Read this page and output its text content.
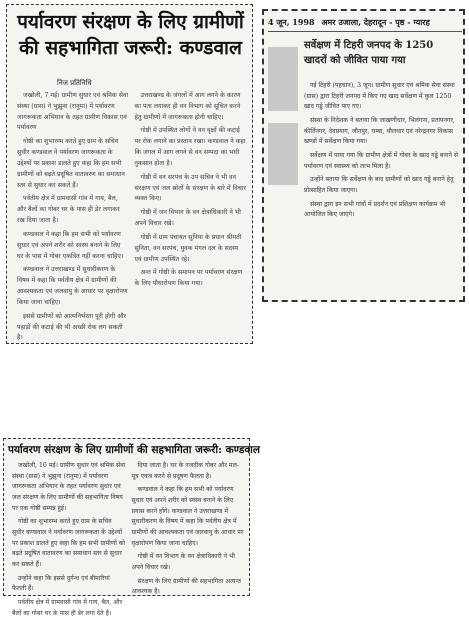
पर्यावरण संरक्षण के लिए ग्रामीणों
की सहभागिता जरूरी: कण्डवाल
निज प्रतिनिधि

जखोली, 7 मई। ग्रामीण सुधार एवं श्रमिक सेवा संस्था (ग्रास) ने भुझुना (रानुमा) में पर्यावरण जागरूकता अभियान के तहत ग्रामीण विकास एवं पर्यावरण

गोष्ठी का शुभारम्भ करते हुए ग्राम के सचिव सुधीर कण्डवाल ने पर्यावरण जागरूकता के उद्देश्यों पर प्रकाश डालते हुए कहा कि हम सभी ग्रामीणों को बढ़ते प्रदूषित वातावरण का समाधान स्तर से सुधार कर सकते हैं।

पर्वतीय क्षेत्र में ग्रामवासी गांव में गाय, बैल, और बैलों का गोबर घर के पास ही डेर लगाकर रख दिया जाता है।

कण्डवाल ने कहा कि हम सभी को पर्यावरण सुधार एवं अपने शरीर को स्वस्थ बनाने के लिए घर के पास में गोबर एकत्रित नहीं करना चाहिए।

कण्डवाल ने उत्तराखण्ड में सुधारीकरण के विषय में कहा कि पर्वतीय क्षेत्र में ग्रामीणों की आवश्यकता एवं जलवायु के आधार पर वृक्षारोपण किया जाना चाहिए।

इससे ग्रामीणों को आत्मनिर्भरता पूरी होगी और पहाड़ों की कटाई की भी अच्छी रोक लग सकती है।

उत्तराखण्ड के जंगलों में आग लगने के कारण का पता लगाकर ही वन विभाग को सूचित करने हेतु ग्रामीणों में जागरूकता होनी चाहिए।

गोष्ठी में उपस्थित लोगों ने वन वृक्षों की कटाई पर रोक लगाने का प्रस्ताव रखा। कण्डवाल ने कहा कि जंगल में आग लगने से वन सम्पदा का भारी नुकसान होता है।

गोष्ठी में वन सरपंच के उप सचिव ने भी वन संरक्षण एवं जल स्रोतों के संरक्षण के बारे में विचार व्यक्त किए।

गोष्ठी में जन विभाग के वन क्षेत्राधिकारी ने भी अपने विचार रखे।

गोष्ठी में ग्राम पंचायत सुनिया के प्रधान श्रीमती सुनिता, वन सरपंच, युवक मंगल दल के सदस्य एवं ग्रामीण उपस्थित रहे।

अन्त में गोष्ठी के समापन पर पर्यावरण संरक्षण के लिए पौधारोपण किया गया।

4 जून, 1998 अमर उजाला, देहरादून - पृष्ठ - ग्यारह
सर्वेक्षण में टिहरी जनपद के 1250
खादरों को जीवित पाया गया

नई टिहरी (पहचान), 3 जून। ग्रामीण सुधार एवं श्रमिक सेवा संस्था (ग्रास) द्वारा टिहरी जनपद में किए गए खाद सर्वेक्षण में कुल 1250 खाद गड्ढे जीवित पाए गए।

संस्था के निदेशक ने बताया कि जाखणीधार, भिलंगना, प्रतापनगर, कीर्तिनगर, देवप्रयाग, जौनपुर, चम्बा, थौलधार एवं नरेन्द्रनगर विकास खण्डों में सर्वेक्षण किया गया।

सर्वेक्षण में पाया गया कि ग्रामीण क्षेत्रों में गोबर के खाद गड्ढे बनाने से पर्यावरण एवं स्वास्थ्य को लाभ मिला है।

उन्होंने बताया कि सर्वेक्षण के बाद ग्रामीणों को खाद गड्ढे बनाने हेतु प्रोत्साहित किया जाएगा।

संस्था द्वारा इन सभी गांवों में प्रदर्शन एवं प्रशिक्षण कार्यक्रम भी आयोजित किए जाएंगे।

पर्यावरण संरक्षण के लिए ग्रामीणों की सहभागिता जरूरी: कण्डवाल

जखोली, 16 मई। ग्रामीण सुधार एवं श्रमिक सेवा संस्था (ग्रास) ने भुझुना (रानुमा) में पर्यावरण जागरूकता अभियान के तहत पर्यावरण सुधार एवं जल संरक्षण के लिए ग्रामीणों की सहभागिता विषय पर एक गोष्ठी सम्पन्न हुई।

गोष्ठी का शुभारम्भ करते हुए ग्राम के सचिव सुधीर कण्डवाल ने पर्यावरण जागरूकता के उद्देश्यों पर प्रकाश डालते हुए कहा कि हम सभी ग्रामीणों को बढ़ते प्रदूषित वातावरण का समाधान स्तर से सुधार कर सकते हैं।

उन्होंने कहा कि इससे दुर्गन्ध एवं बीमारियां फैलती हैं।

पर्वतीय क्षेत्र में ग्रामवासी गांव में गाय, बैल, और बैलों का गोबर घर के पास ही डेर लगा देते हैं।

दिया जाता है। घर के नजदीक गोबर और मल-मूत्र एकत्र करने से प्रदूषण फैलता है।

कण्डवाल ने कहा कि हम सभी को पर्यावरण सुधार एवं अपने शरीर को स्वस्थ बनाने के लिए प्रयास करने होंगे। कण्डवाल ने उत्तराखण्ड में सुधारीकरण के विषय में कहा कि पर्वतीय क्षेत्र में ग्रामीणों की आवश्यकता एवं जलवायु के आधार पर वृक्षारोपण किया जाना चाहिए।

गोष्ठी में वन विभाग के वन क्षेत्राधिकारी ने भी अपने विचार रखे।

संरक्षण के लिए ग्रामीणों की सहभागिता अत्यन्त आवश्यक है।
